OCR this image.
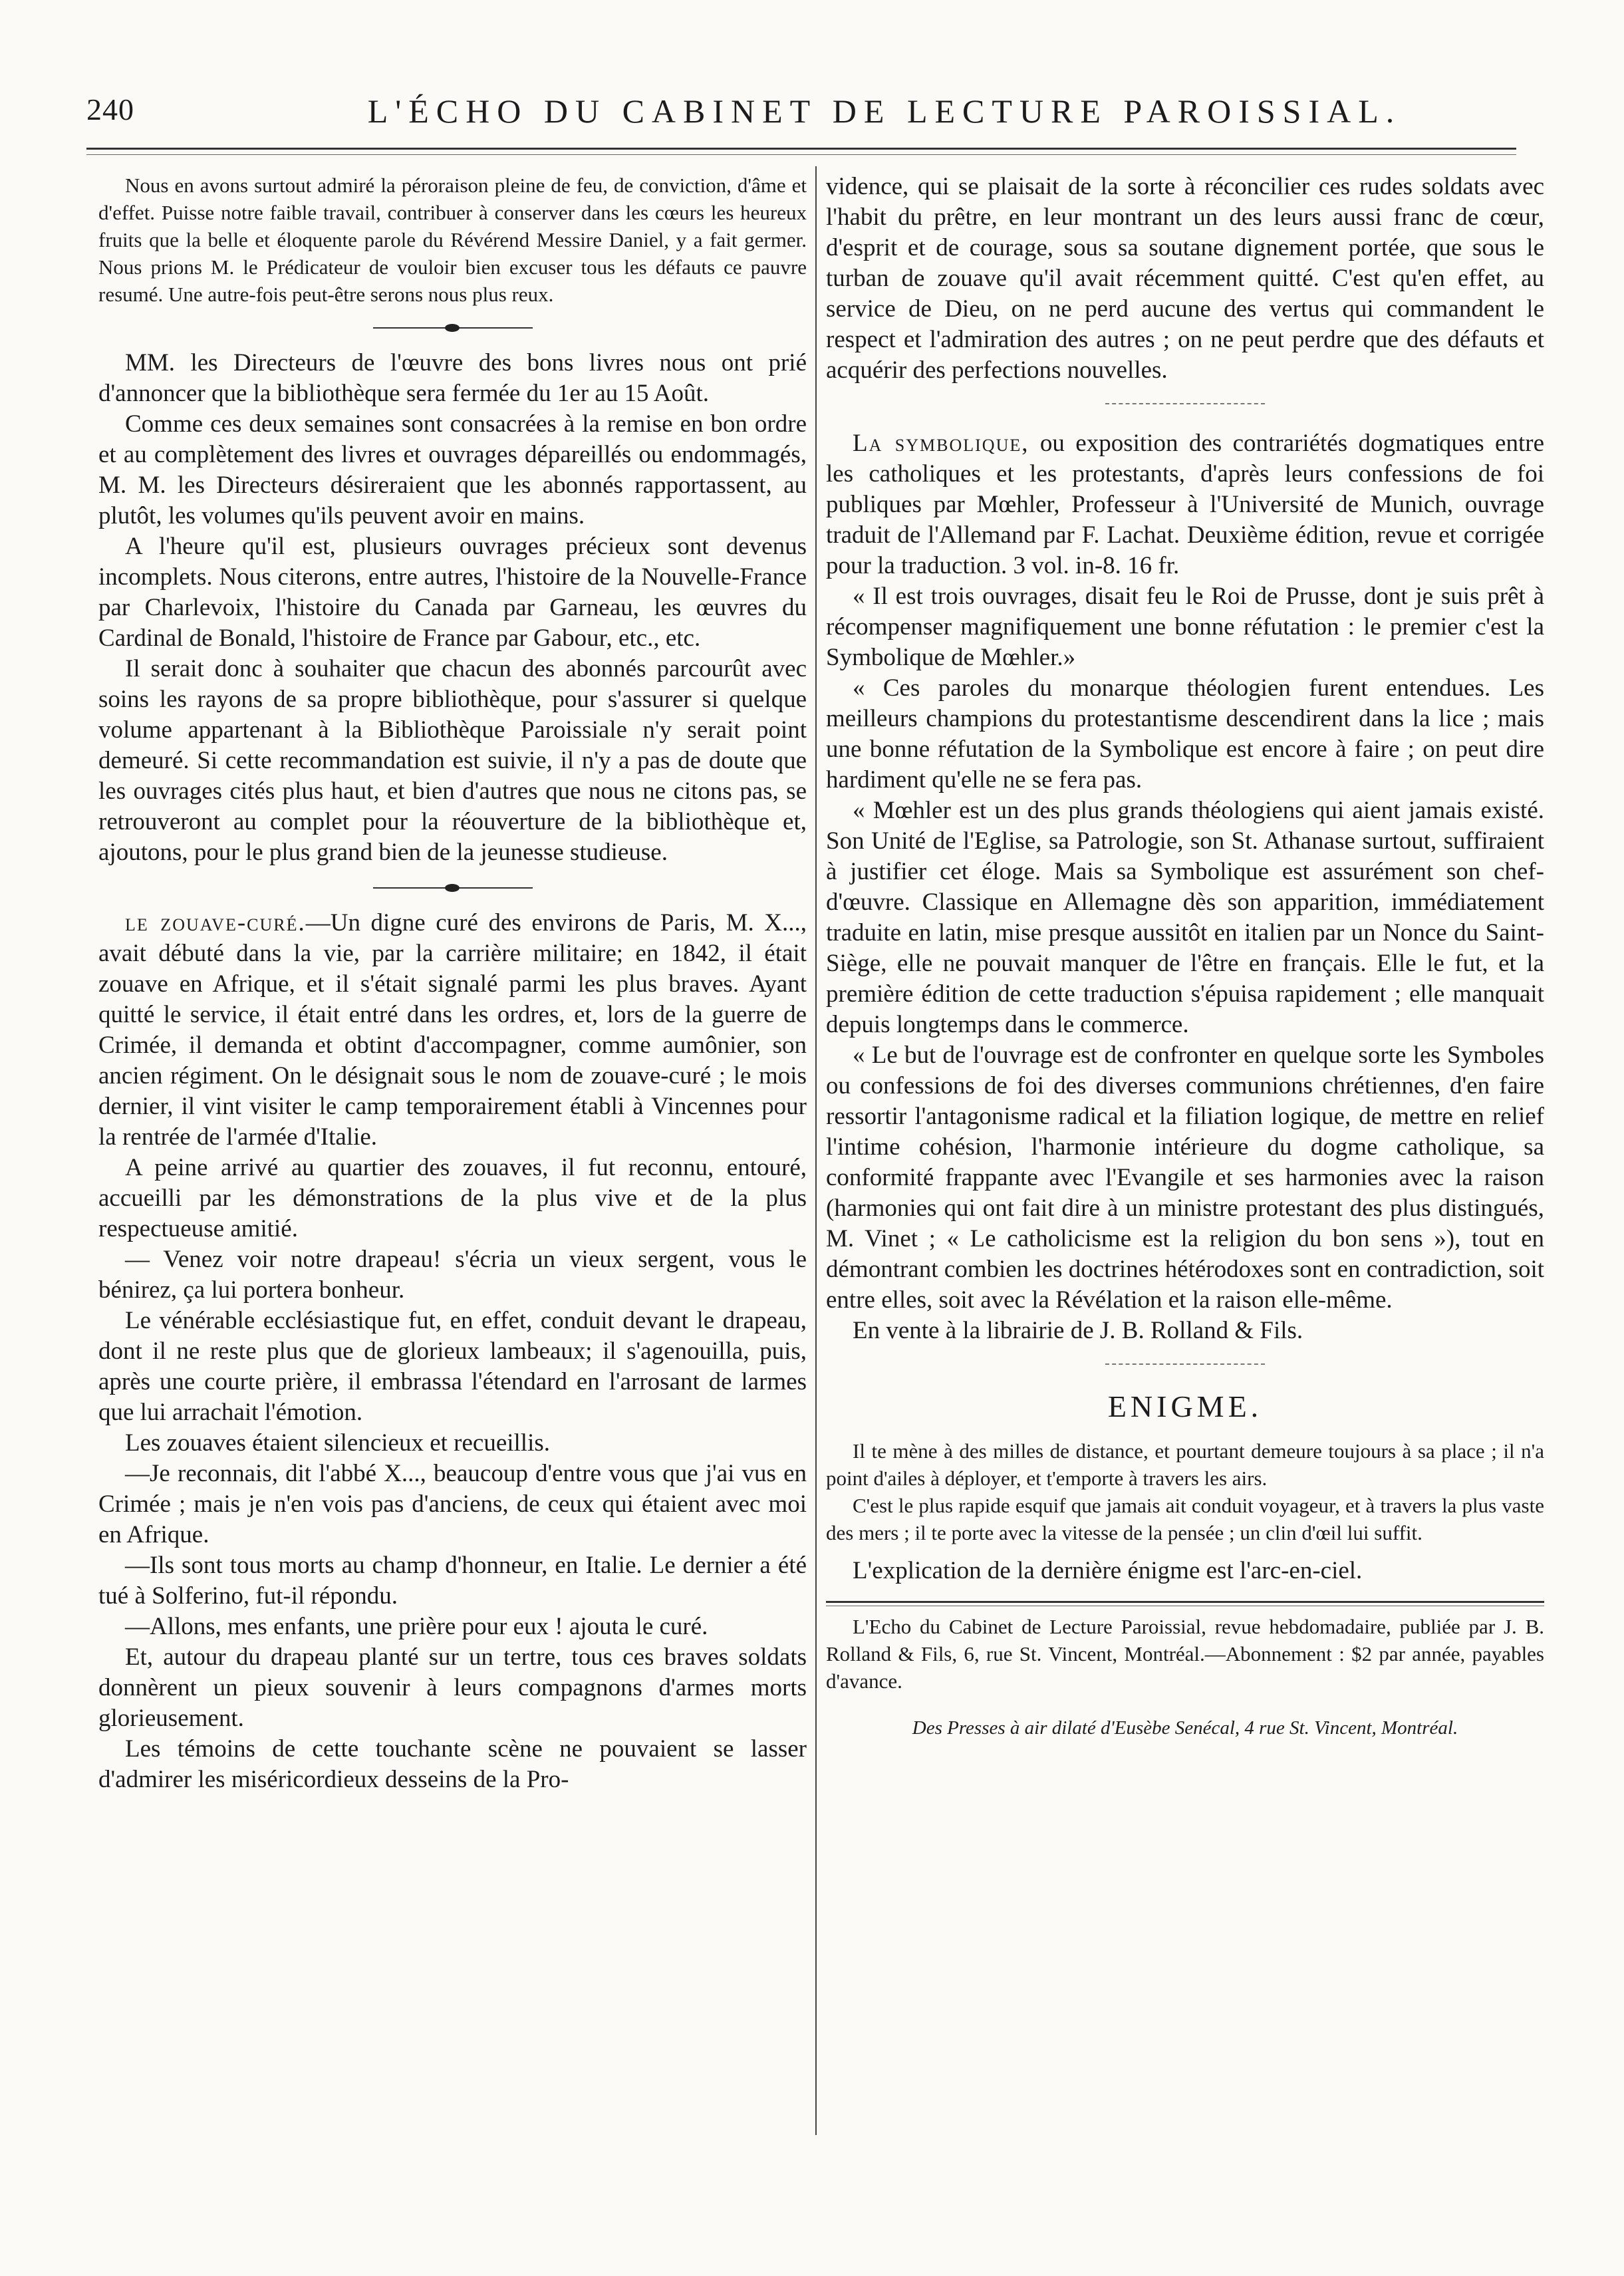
240	L'ÉCHO DU CABINET DE LECTURE PAROISSIAL.

Nous en avons surtout admiré la péroraison pleine de feu, de conviction, d'âme et d'effet. Puisse notre faible travail, contribuer à conserver dans les cœurs les heureux fruits que la belle et éloquente parole du Révérend Messire Daniel, y a fait germer. Nous prions M. le Prédicateur de vouloir bien excuser tous les défauts ce pauvre resumé. Une autre-fois peut-être serons nous plus reux.

MM. les Directeurs de l'œuvre des bons livres nous ont prié d'annoncer que la bibliothèque sera fermée du 1er au 15 Août.

Comme ces deux semaines sont consacrées à la remise en bon ordre et au complètement des livres et ouvrages dépareillés ou endommagés, M. M. les Directeurs désireraient que les abonnés rapportassent, au plutôt, les volumes qu'ils peuvent avoir en mains.

A l'heure qu'il est, plusieurs ouvrages précieux sont devenus incomplets. Nous citerons, entre autres, l'histoire de la Nouvelle-France par Charlevoix, l'histoire du Canada par Garneau, les œuvres du Cardinal de Bonald, l'histoire de France par Gabour, etc., etc.

Il serait donc à souhaiter que chacun des abonnés parcourût avec soins les rayons de sa propre bibliothèque, pour s'assurer si quelque volume appartenant à la Bibliothèque Paroissiale n'y serait point demeuré. Si cette recommandation est suivie, il n'y a pas de doute que les ouvrages cités plus haut, et bien d'autres que nous ne citons pas, se retrouveront au complet pour la réouverture de la bibliothèque et, ajoutons, pour le plus grand bien de la jeunesse studieuse.

le zouave-curé.—Un digne curé des environs de Paris, M. X..., avait débuté dans la vie, par la carrière militaire; en 1842, il était zouave en Afrique, et il s'était signalé parmi les plus braves. Ayant quitté le service, il était entré dans les ordres, et, lors de la guerre de Crimée, il demanda et obtint d'accompagner, comme aumônier, son ancien régiment. On le désignait sous le nom de zouave-curé ; le mois dernier, il vint visiter le camp temporairement établi à Vincennes pour la rentrée de l'armée d'Italie.

A peine arrivé au quartier des zouaves, il fut reconnu, entouré, accueilli par les démonstrations de la plus vive et de la plus respectueuse amitié.

— Venez voir notre drapeau! s'écria un vieux sergent, vous le bénirez, ça lui portera bonheur.

Le vénérable ecclésiastique fut, en effet, conduit devant le drapeau, dont il ne reste plus que de glorieux lambeaux; il s'agenouilla, puis, après une courte prière, il embrassa l'étendard en l'arrosant de larmes que lui arrachait l'émotion.

Les zouaves étaient silencieux et recueillis.

—Je reconnais, dit l'abbé X..., beaucoup d'entre vous que j'ai vus en Crimée ; mais je n'en vois pas d'anciens, de ceux qui étaient avec moi en Afrique.

—Ils sont tous morts au champ d'honneur, en Italie. Le dernier a été tué à Solferino, fut-il répondu.

—Allons, mes enfants, une prière pour eux ! ajouta le curé.

Et, autour du drapeau planté sur un tertre, tous ces braves soldats donnèrent un pieux souvenir à leurs compagnons d'armes morts glorieusement.

Les témoins de cette touchante scène ne pouvaient se lasser d'admirer les miséricordieux desseins de la Pro-

vidence, qui se plaisait de la sorte à réconcilier ces rudes soldats avec l'habit du prêtre, en leur montrant un des leurs aussi franc de cœur, d'esprit et de courage, sous sa soutane dignement portée, que sous le turban de zouave qu'il avait récemment quitté. C'est qu'en effet, au service de Dieu, on ne perd aucune des vertus qui commandent le respect et l'admiration des autres ; on ne peut perdre que des défauts et acquérir des perfections nouvelles.

La symbolique, ou exposition des contrariétés dogmatiques entre les catholiques et les protestants, d'après leurs confessions de foi publiques par Mœhler, Professeur à l'Université de Munich, ouvrage traduit de l'Allemand par F. Lachat. Deuxième édition, revue et corrigée pour la traduction. 3 vol. in-8. 16 fr.

« Il est trois ouvrages, disait feu le Roi de Prusse, dont je suis prêt à récompenser magnifiquement une bonne réfutation : le premier c'est la Symbolique de Mœhler.»

« Ces paroles du monarque théologien furent entendues. Les meilleurs champions du protestantisme descendirent dans la lice ; mais une bonne réfutation de la Symbolique est encore à faire ; on peut dire hardiment qu'elle ne se fera pas.

« Mœhler est un des plus grands théologiens qui aient jamais existé. Son Unité de l'Eglise, sa Patrologie, son St. Athanase surtout, suffiraient à justifier cet éloge. Mais sa Symbolique est assurément son chef-d'œuvre. Classique en Allemagne dès son apparition, immédiatement traduite en latin, mise presque aussitôt en italien par un Nonce du Saint-Siège, elle ne pouvait manquer de l'être en français. Elle le fut, et la première édition de cette traduction s'épuisa rapidement ; elle manquait depuis longtemps dans le commerce.

« Le but de l'ouvrage est de confronter en quelque sorte les Symboles ou confessions de foi des diverses communions chrétiennes, d'en faire ressortir l'antagonisme radical et la filiation logique, de mettre en relief l'intime cohésion, l'harmonie intérieure du dogme catholique, sa conformité frappante avec l'Evangile et ses harmonies avec la raison (harmonies qui ont fait dire à un ministre protestant des plus distingués, M. Vinet ; « Le catholicisme est la religion du bon sens »), tout en démontrant combien les doctrines hétérodoxes sont en contradiction, soit entre elles, soit avec la Révélation et la raison elle-même.

En vente à la librairie de J. B. Rolland & Fils.

ENIGME.

Il te mène à des milles de distance, et pourtant demeure toujours à sa place ; il n'a point d'ailes à déployer, et t'emporte à travers les airs.

C'est le plus rapide esquif que jamais ait conduit voyageur, et à travers la plus vaste des mers ; il te porte avec la vitesse de la pensée ; un clin d'œil lui suffit.

L'explication de la dernière énigme est l'arc-en-ciel.

L'Echo du Cabinet de Lecture Paroissial, revue hebdomadaire, publiée par J. B. Rolland & Fils, 6, rue St. Vincent, Montréal.—Abonnement : $2 par année, payables d'avance.

Des Presses à air dilaté d'Eusèbe Senécal, 4 rue St. Vincent, Montréal.
